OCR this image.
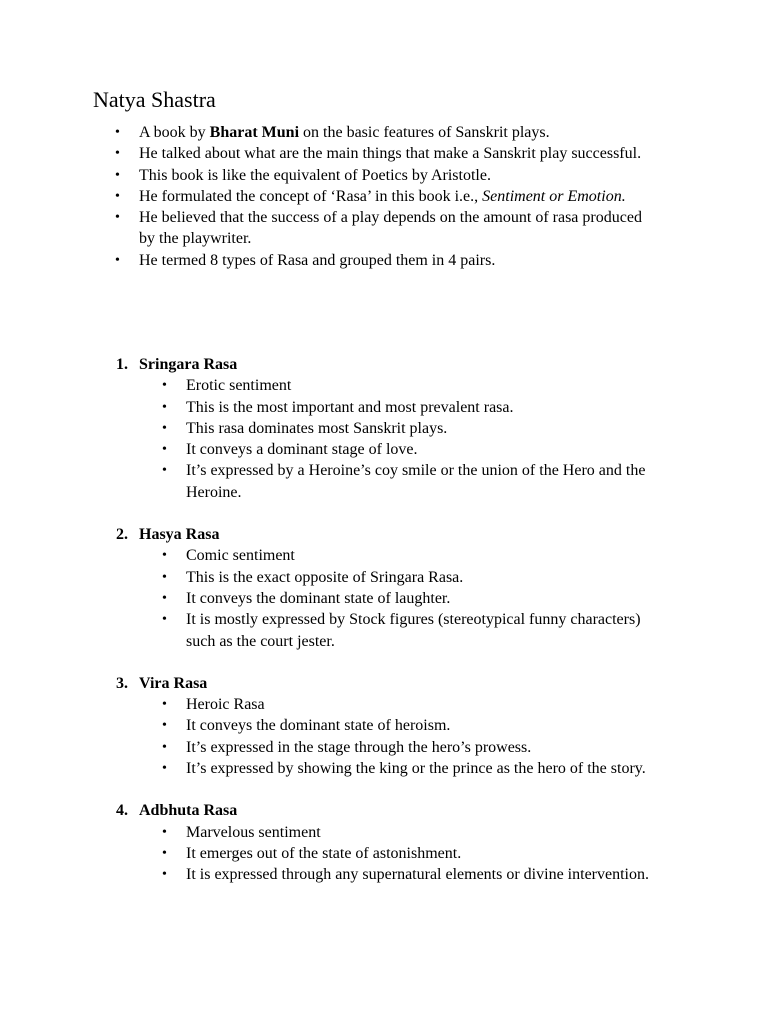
Natya Shastra
• A book by Bharat Muni on the basic features of Sanskrit plays.
• He talked about what are the main things that make a Sanskrit play successful.
• This book is like the equivalent of Poetics by Aristotle.
• He formulated the concept of ‘Rasa’ in this book i.e., Sentiment or Emotion.
• He believed that the success of a play depends on the amount of rasa produced by the playwriter.
• He termed 8 types of Rasa and grouped them in 4 pairs.
1. Sringara Rasa
• Erotic sentiment
• This is the most important and most prevalent rasa.
• This rasa dominates most Sanskrit plays.
• It conveys a dominant stage of love.
• It’s expressed by a Heroine’s coy smile or the union of the Hero and the Heroine.
2. Hasya Rasa
• Comic sentiment
• This is the exact opposite of Sringara Rasa.
• It conveys the dominant state of laughter.
• It is mostly expressed by Stock figures (stereotypical funny characters) such as the court jester.
3. Vira Rasa
• Heroic Rasa
• It conveys the dominant state of heroism.
• It’s expressed in the stage through the hero’s prowess.
• It’s expressed by showing the king or the prince as the hero of the story.
4. Adbhuta Rasa
• Marvelous sentiment
• It emerges out of the state of astonishment.
• It is expressed through any supernatural elements or divine intervention.
